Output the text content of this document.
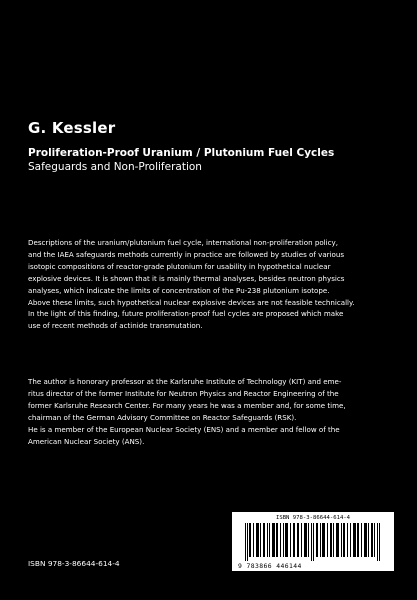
G. Kessler
Proliferation-Proof Uranium / Plutonium Fuel Cycles
Safeguards and Non-Proliferation

Descriptions of the uranium/plutonium fuel cycle, international non-proliferation policy,
and the IAEA safeguards methods currently in practice are followed by studies of various
isotopic compositions of reactor-grade plutonium for usability in hypothetical nuclear
explosive devices. It is shown that it is mainly thermal analyses, besides neutron physics
analyses, which indicate the limits of concentration of the Pu-238 plutonium isotope.
Above these limits, such hypothetical nuclear explosive devices are not feasible technically.
In the light of this finding, future proliferation-proof fuel cycles are proposed which make
use of recent methods of actinide transmutation.

The author is honorary professor at the Karlsruhe Institute of Technology (KIT) and eme-
ritus director of the former Institute for Neutron Physics and Reactor Engineering of the
former Karlsruhe Research Center. For many years he was a member and, for some time,
chairman of the German Advisory Committee on Reactor Safeguards (RSK).
He is a member of the European Nuclear Society (ENS) and a member and fellow of the
American Nuclear Society (ANS).

ISBN 978-3-86644-614-4
9 783866 446144
ISBN 978-3-86644-614-4
